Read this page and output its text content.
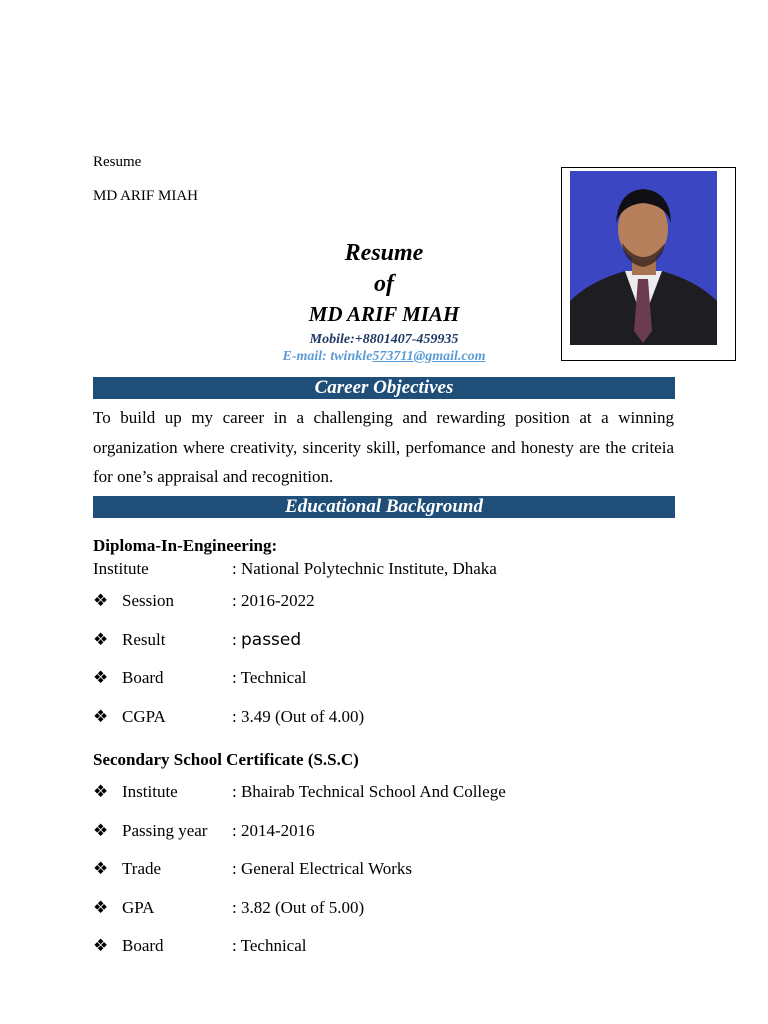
Resume
MD ARIF MIAH
Resume
of
MD ARIF MIAH
Mobile:+8801407-459935
E-mail: twinkle573711@gmail.com
Career Objectives
To build up my career in a challenging and rewarding position at a winning organization where creativity, sincerity skill, perfomance and honesty are the criteia for one’s appraisal and recognition.
Educational Background
Diploma-In-Engineering:
Institute	: National Polytechnic Institute, Dhaka
❖ Session	: 2016-2022
❖ Result	: passed
❖ Board	: Technical
❖ CGPA	: 3.49 (Out of 4.00)
Secondary School Certificate (S.S.C)
❖ Institute	: Bhairab Technical School And College
❖ Passing year : 2014-2016
❖ Trade	: General Electrical Works
❖ GPA	: 3.82 (Out of 5.00)
❖ Board	: Technical
